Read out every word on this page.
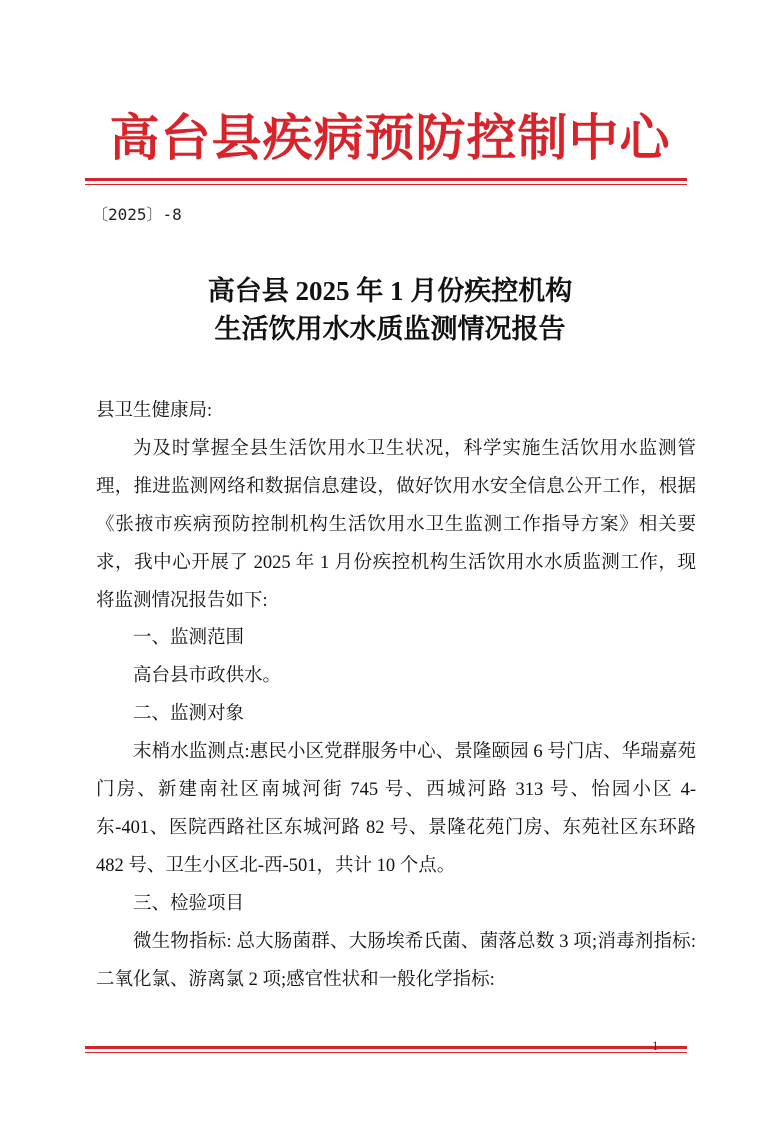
高台县疾病预防控制中心
〔2025〕-8
高台县 2025 年 1 月份疾控机构
生活饮用水水质监测情况报告

县卫生健康局:

为及时掌握全县生活饮用水卫生状况，科学实施生活饮用水监测管理，推进监测网络和数据信息建设，做好饮用水安全信息公开工作，根据《张掖市疾病预防控制机构生活饮用水卫生监测工作指导方案》相关要求，我中心开展了 2025 年 1 月份疾控机构生活饮用水水质监测工作，现将监测情况报告如下:

一、监测范围

高台县市政供水。

二、监测对象

末梢水监测点:惠民小区党群服务中心、景隆颐园 6 号门店、华瑞嘉苑门房、新建南社区南城河街 745 号、西城河路 313 号、怡园小区 4-东-401、医院西路社区东城河路 82 号、景隆花苑门房、东苑社区东环路 482 号、卫生小区北-西-501，共计 10 个点。

三、检验项目

微生物指标: 总大肠菌群、大肠埃希氏菌、菌落总数 3 项;消毒剂指标: 二氧化氯、游离氯 2 项;感官性状和一般化学指标:

1
